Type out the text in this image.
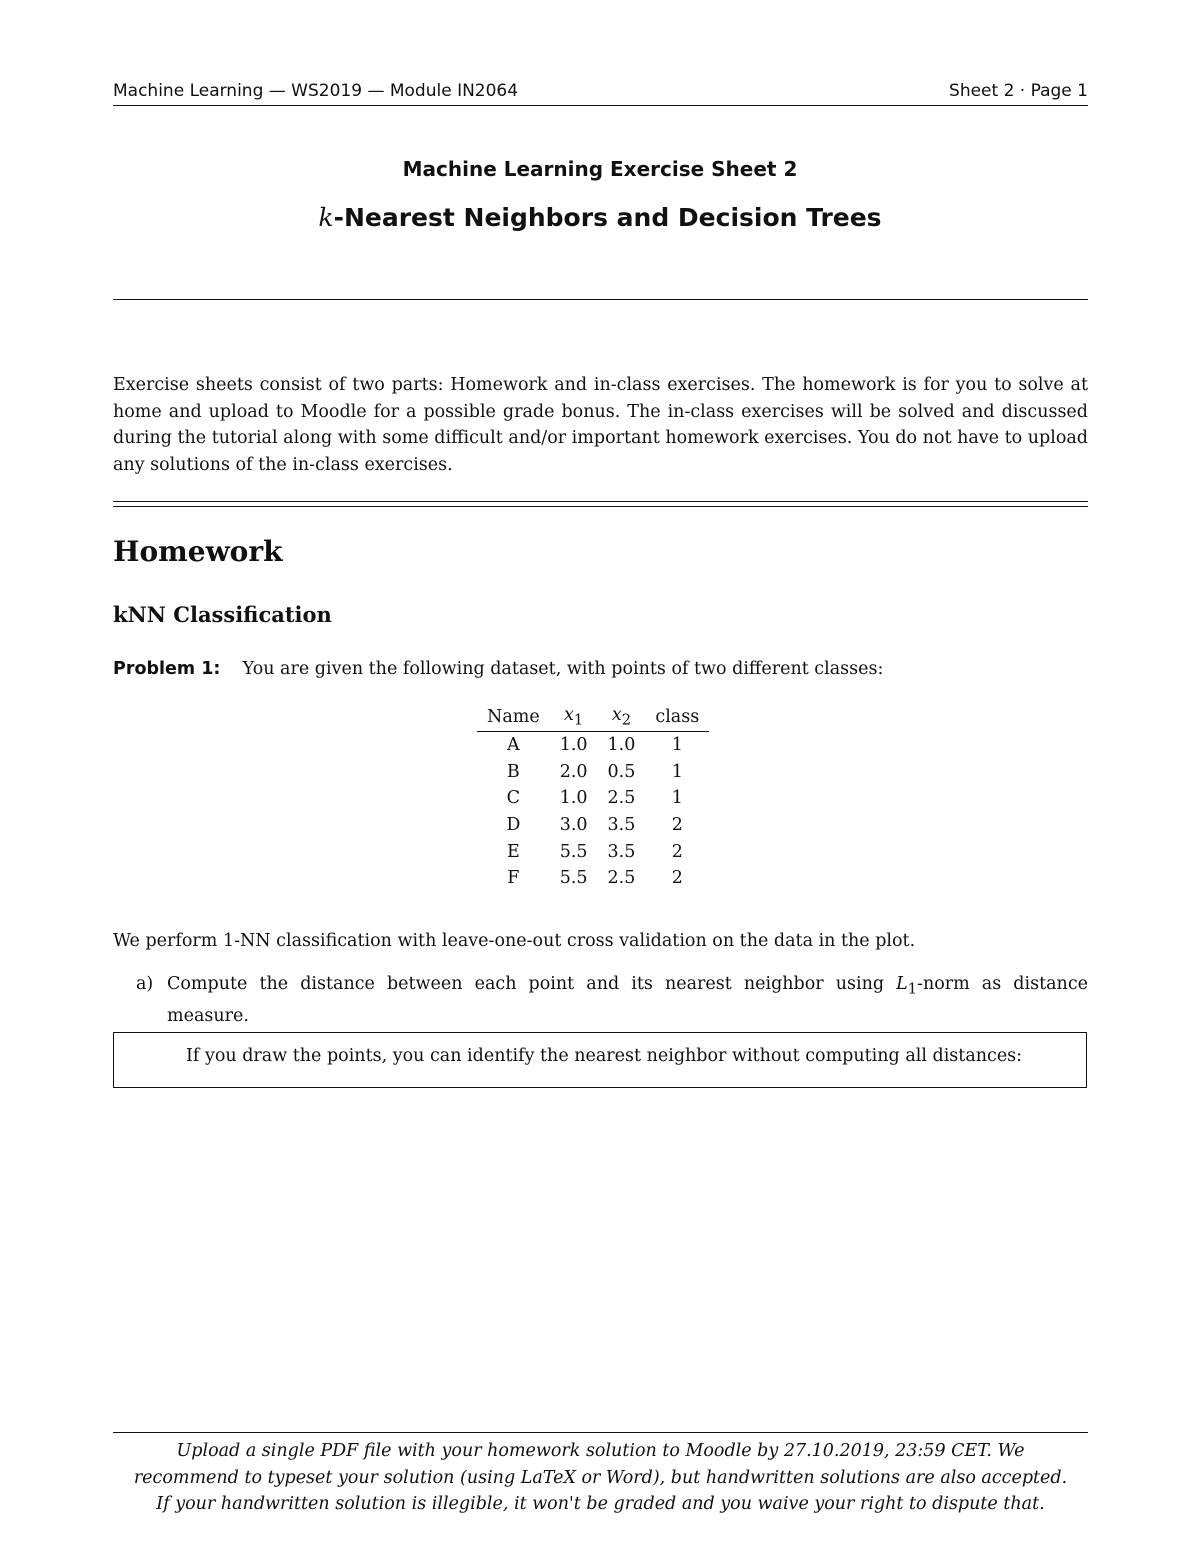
Machine Learning — WS2019 — Module IN2064	Sheet 2 · Page 1
Machine Learning Exercise Sheet 2
k-Nearest Neighbors and Decision Trees
Exercise sheets consist of two parts: Homework and in-class exercises. The homework is for you to solve at home and upload to Moodle for a possible grade bonus. The in-class exercises will be solved and discussed during the tutorial along with some difficult and/or important homework exercises. You do not have to upload any solutions of the in-class exercises.
Homework
kNN Classification
Problem 1: You are given the following dataset, with points of two different classes:
Name	$x_1$	$x_2$	class
A	1.0	1.0	1
B	2.0	0.5	1
C	1.0	2.5	1
D	3.0	3.5	2
E	5.5	3.5	2
F	5.5	2.5	2
We perform 1-NN classification with leave-one-out cross validation on the data in the plot.
a) Compute the distance between each point and its nearest neighbor using $L_1$-norm as distance measure.
If you draw the points, you can identify the nearest neighbor without computing all distances:
Upload a single PDF file with your homework solution to Moodle by 27.10.2019, 23:59 CET. We
recommend to typeset your solution (using LaTeX or Word), but handwritten solutions are also accepted.
If your handwritten solution is illegible, it won't be graded and you waive your right to dispute that.
